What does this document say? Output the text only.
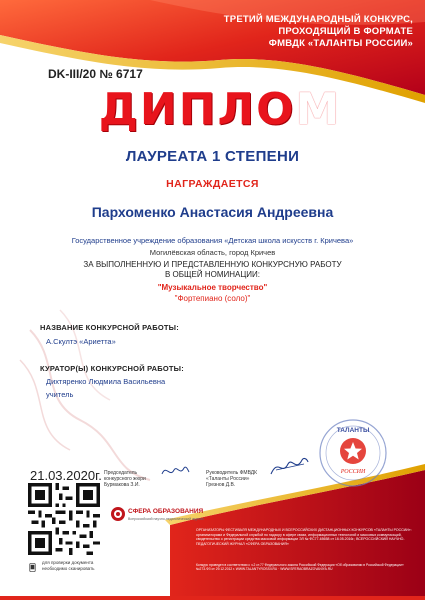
ТРЕТИЙ МЕЖДУНАРОДНЫЙ КОНКУРС,
ПРОХОДЯЩИЙ В ФОРМАТЕ
ФМВДК «ТАЛАНТЫ РОССИИ»
DK-III/20 № 6717
ДИПЛОМ
ЛАУРЕАТА 1 СТЕПЕНИ
НАГРАЖДАЕТСЯ
Пархоменко Анастасия Андреевна
Государственное учреждение образования «Детская школа искусств г. Кричева»
Могилёвская область, город Кричев
ЗА ВЫПОЛНЕННУЮ И ПРЕДСТАВЛЕННУЮ КОНКУРСНУЮ РАБОТУ
В ОБЩЕЙ НОМИНАЦИИ:
"Музыкальное творчество"
"Фортепиано (соло)"
НАЗВАНИЕ КОНКУРСНОЙ РАБОТЫ:
А.Скултэ «Ариетта»
КУРАТОР(Ы) КОНКУРСНОЙ РАБОТЫ:
Дихтяренко Людмила Васильевна
учитель
21.03.2020г. Председатель
конкурсного жюри
Бурмакова З.И.
Руководитель ФМВДК
«Таланты России»
Грезнов Д.В.
ТАЛАНТЫ
РОССИИ
для проверки документа необходимо сканировать
СФЕРА ОБРАЗОВАНИЯ
Всероссийский научно-педагогический журнал
ОРГАНИЗАТОРЫ ФЕСТИВАЛЯ МЕЖДУНАРОДНЫХ И ВСЕРОССИЙСКИХ ДИСТАНЦИОННЫХ КОНКУРСОВ «ТАЛАНТЫ РОССИИ»: организаторами и Федеральной службой по надзору в сфере связи, информационных технологий и массовых коммуникаций, свидетельство о регистрации средства массовой информации ЭЛ № ФС77-65658 от 16.05.2016г.; ВСЕРОССИЙСКИЙ НАУЧНО-ПЕДАГОГИЧЕСКИЙ ЖУРНАЛ «СФЕРА ОБРАЗОВАНИЯ»
Конкурс проведен в соответствии с ч.2 ст.77 Федерального закона Российской Федерации «Об образовании в Российской Федерации» №273-ФЗ от 29.12.2012 г. WWW.TALANTYROSSII.RU · WWW.SFERAOBRAZOVANIYA.RU
